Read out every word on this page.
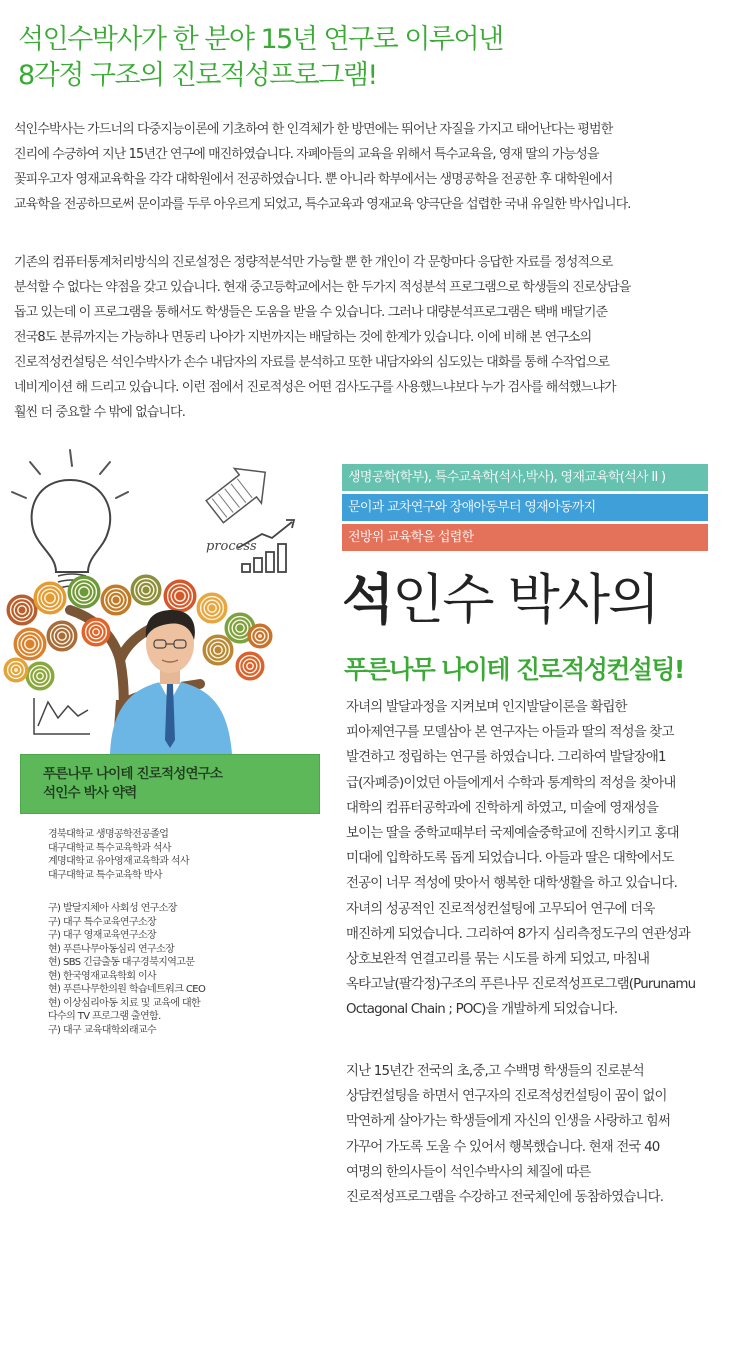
석인수박사가 한 분야 15년 연구로 이루어낸
8각정 구조의 진로적성프로그램!
석인수박사는 가드너의 다중지능이론에 기초하여 한 인격체가 한 방면에는 뛰어난 자질을 가지고 태어난다는 평범한
진리에 수긍하여 지난 15년간 연구에 매진하였습니다. 자폐아들의 교육을 위해서 특수교육을, 영재 딸의 가능성을
꽃피우고자 영재교육학을 각각 대학원에서 전공하였습니다. 뿐 아니라 학부에서는 생명공학을 전공한 후 대학원에서
교육학을 전공하므로써 문이과를 두루 아우르게 되었고, 특수교육과 영재교육 양극단을 섭렵한 국내 유일한 박사입니다.
기존의 컴퓨터통계처리방식의 진로설정은 정량적분석만 가능할 뿐 한 개인이 각 문항마다 응답한 자료를 정성적으로
분석할 수 없다는 약점을 갖고 있습니다. 현재 중고등학교에서는 한 두가지 적성분석 프로그램으로 학생들의 진로상담을
돕고 있는데 이 프로그램을 통해서도 학생들은 도움을 받을 수 있습니다. 그러나 대량분석프로그램은 택배 배달기준
전국8도 분류까지는 가능하나 면동리 나아가 지번까지는 배달하는 것에 한계가 있습니다. 이에 비해 본 연구소의
진로적성컨설팅은 석인수박사가 손수 내담자의 자료를 분석하고 또한 내담자와의 심도있는 대화를 통해 수작업으로
네비게이션 해 드리고 있습니다. 이런 점에서 진로적성은 어떤 검사도구를 사용했느냐보다 누가 검사를 해석했느냐가
훨씬 더 중요할 수 밖에 없습니다.
process
푸른나무 나이테 진로적성연구소
석인수 박사 약력
경북대학교 생명공학전공졸업
대구대학교 특수교육학과 석사
계명대학교 유아영재교육학과 석사
대구대학교 특수교육학 박사
구) 발달지체아 사회성 연구소장
구) 대구 특수교육연구소장
구) 대구 영재교육연구소장
현) 푸른나무아동심리 연구소장
현) SBS 긴급출동 대구경북지역고문
현) 한국영재교육학회 이사
현) 푸른나무한의원 학습네트워크 CEO
현) 이상심리아동 치료 및 교육에 대한
다수의 TV 프로그램 출연함.
구) 대구 교육대학외래교수
생명공학(학부), 특수교육학(석사,박사), 영재교육학(석사 II )
문이과 교차연구와 장애아동부터 영재아동까지
전방위 교육학을 섭렵한
석인수 박사의
푸른나무 나이테 진로적성컨설팅!
자녀의 발달과정을 지켜보며 인지발달이론을 확립한
피아제연구를 모델삼아 본 연구자는 아들과 딸의 적성을 찾고
발견하고 정립하는 연구를 하였습니다. 그리하여 발달장애1
급(자폐증)이었던 아들에게서 수학과 통계학의 적성을 찾아내
대학의 컴퓨터공학과에 진학하게 하였고, 미술에 영재성을
보이는 딸을 중학교때부터 국제예술중학교에 진학시키고 홍대
미대에 입학하도록 돕게 되었습니다. 아들과 딸은 대학에서도
전공이 너무 적성에 맞아서 행복한 대학생활을 하고 있습니다.
자녀의 성공적인 진로적성컨설팅에 고무되어 연구에 더욱
매진하게 되었습니다. 그리하여 8가지 심리측정도구의 연관성과
상호보완적 연결고리를 묶는 시도를 하게 되었고, 마침내
옥타고날(팔각정)구조의 푸른나무 진로적성프로그램(Purunamu
Octagonal Chain ; POC)을 개발하게 되었습니다.
지난 15년간 전국의 초,중,고 수백명 학생들의 진로분석
상담컨설팅을 하면서 연구자의 진로적성컨설팅이 꿈이 없이
막연하게 살아가는 학생들에게 자신의 인생을 사랑하고 힘써
가꾸어 가도록 도울 수 있어서 행복했습니다. 현재 전국 40
여명의 한의사들이 석인수박사의 체질에 따른
진로적성프로그램을 수강하고 전국체인에 동참하였습니다.
